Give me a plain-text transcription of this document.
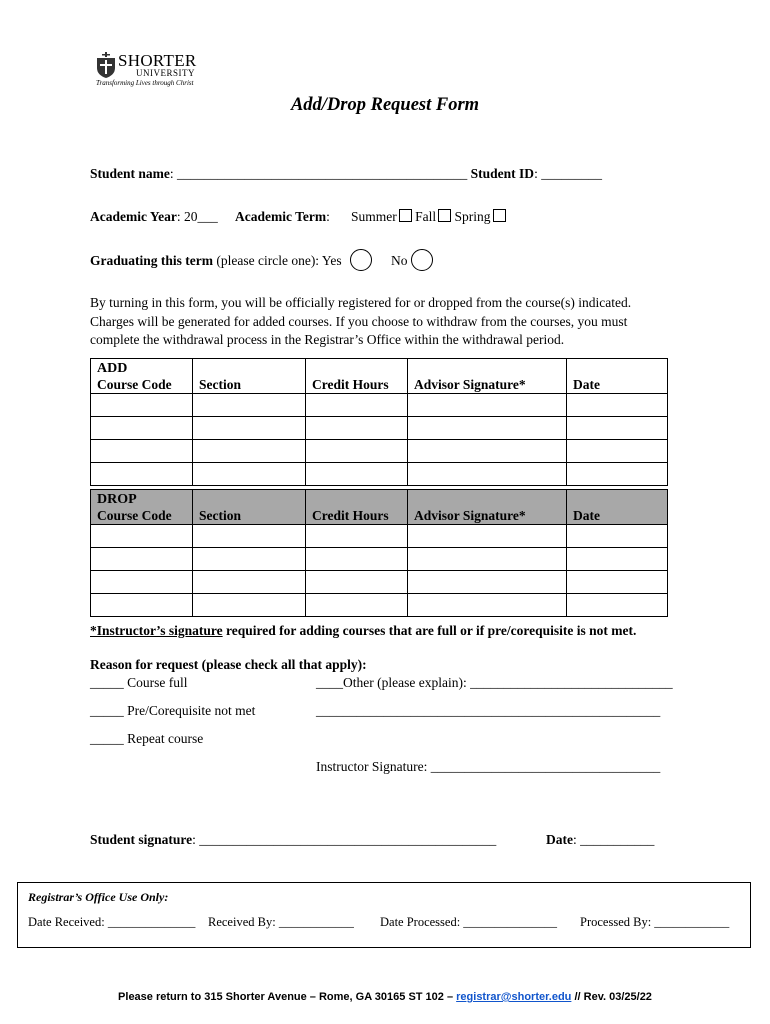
SHORTER
UNIVERSITY
Transforming Lives through Christ
Add/Drop Request Form
Student name: ___________________________________________ Student ID: _________
Academic Year: 20___ Academic Term: Summer Fall Spring
Graduating this term (please circle one): Yes	No
By turning in this form, you will be officially registered for or dropped from the course(s) indicated. Charges will be generated for added courses. If you choose to withdraw from the courses, you must complete the withdrawal process in the Registrar’s Office within the withdrawal period.
ADD
Course Code	Section	Credit Hours	Advisor Signature*	Date

DROP
Course Code	Section	Credit Hours	Advisor Signature*	Date

*Instructor’s signature required for adding courses that are full or if pre/corequisite is not met.
Reason for request (please check all that apply):
_____ Course full	____Other (please explain): ______________________________
_____ Pre/Corequisite not met	___________________________________________________
_____ Repeat course
Instructor Signature: __________________________________
Student signature: ____________________________________________	Date: ___________
Registrar’s Office Use Only:
Date Received: ______________ Received By: ____________ Date Processed: _______________ Processed By: ____________
Please return to 315 Shorter Avenue – Rome, GA 30165 ST 102 – registrar@shorter.edu // Rev. 03/25/22
